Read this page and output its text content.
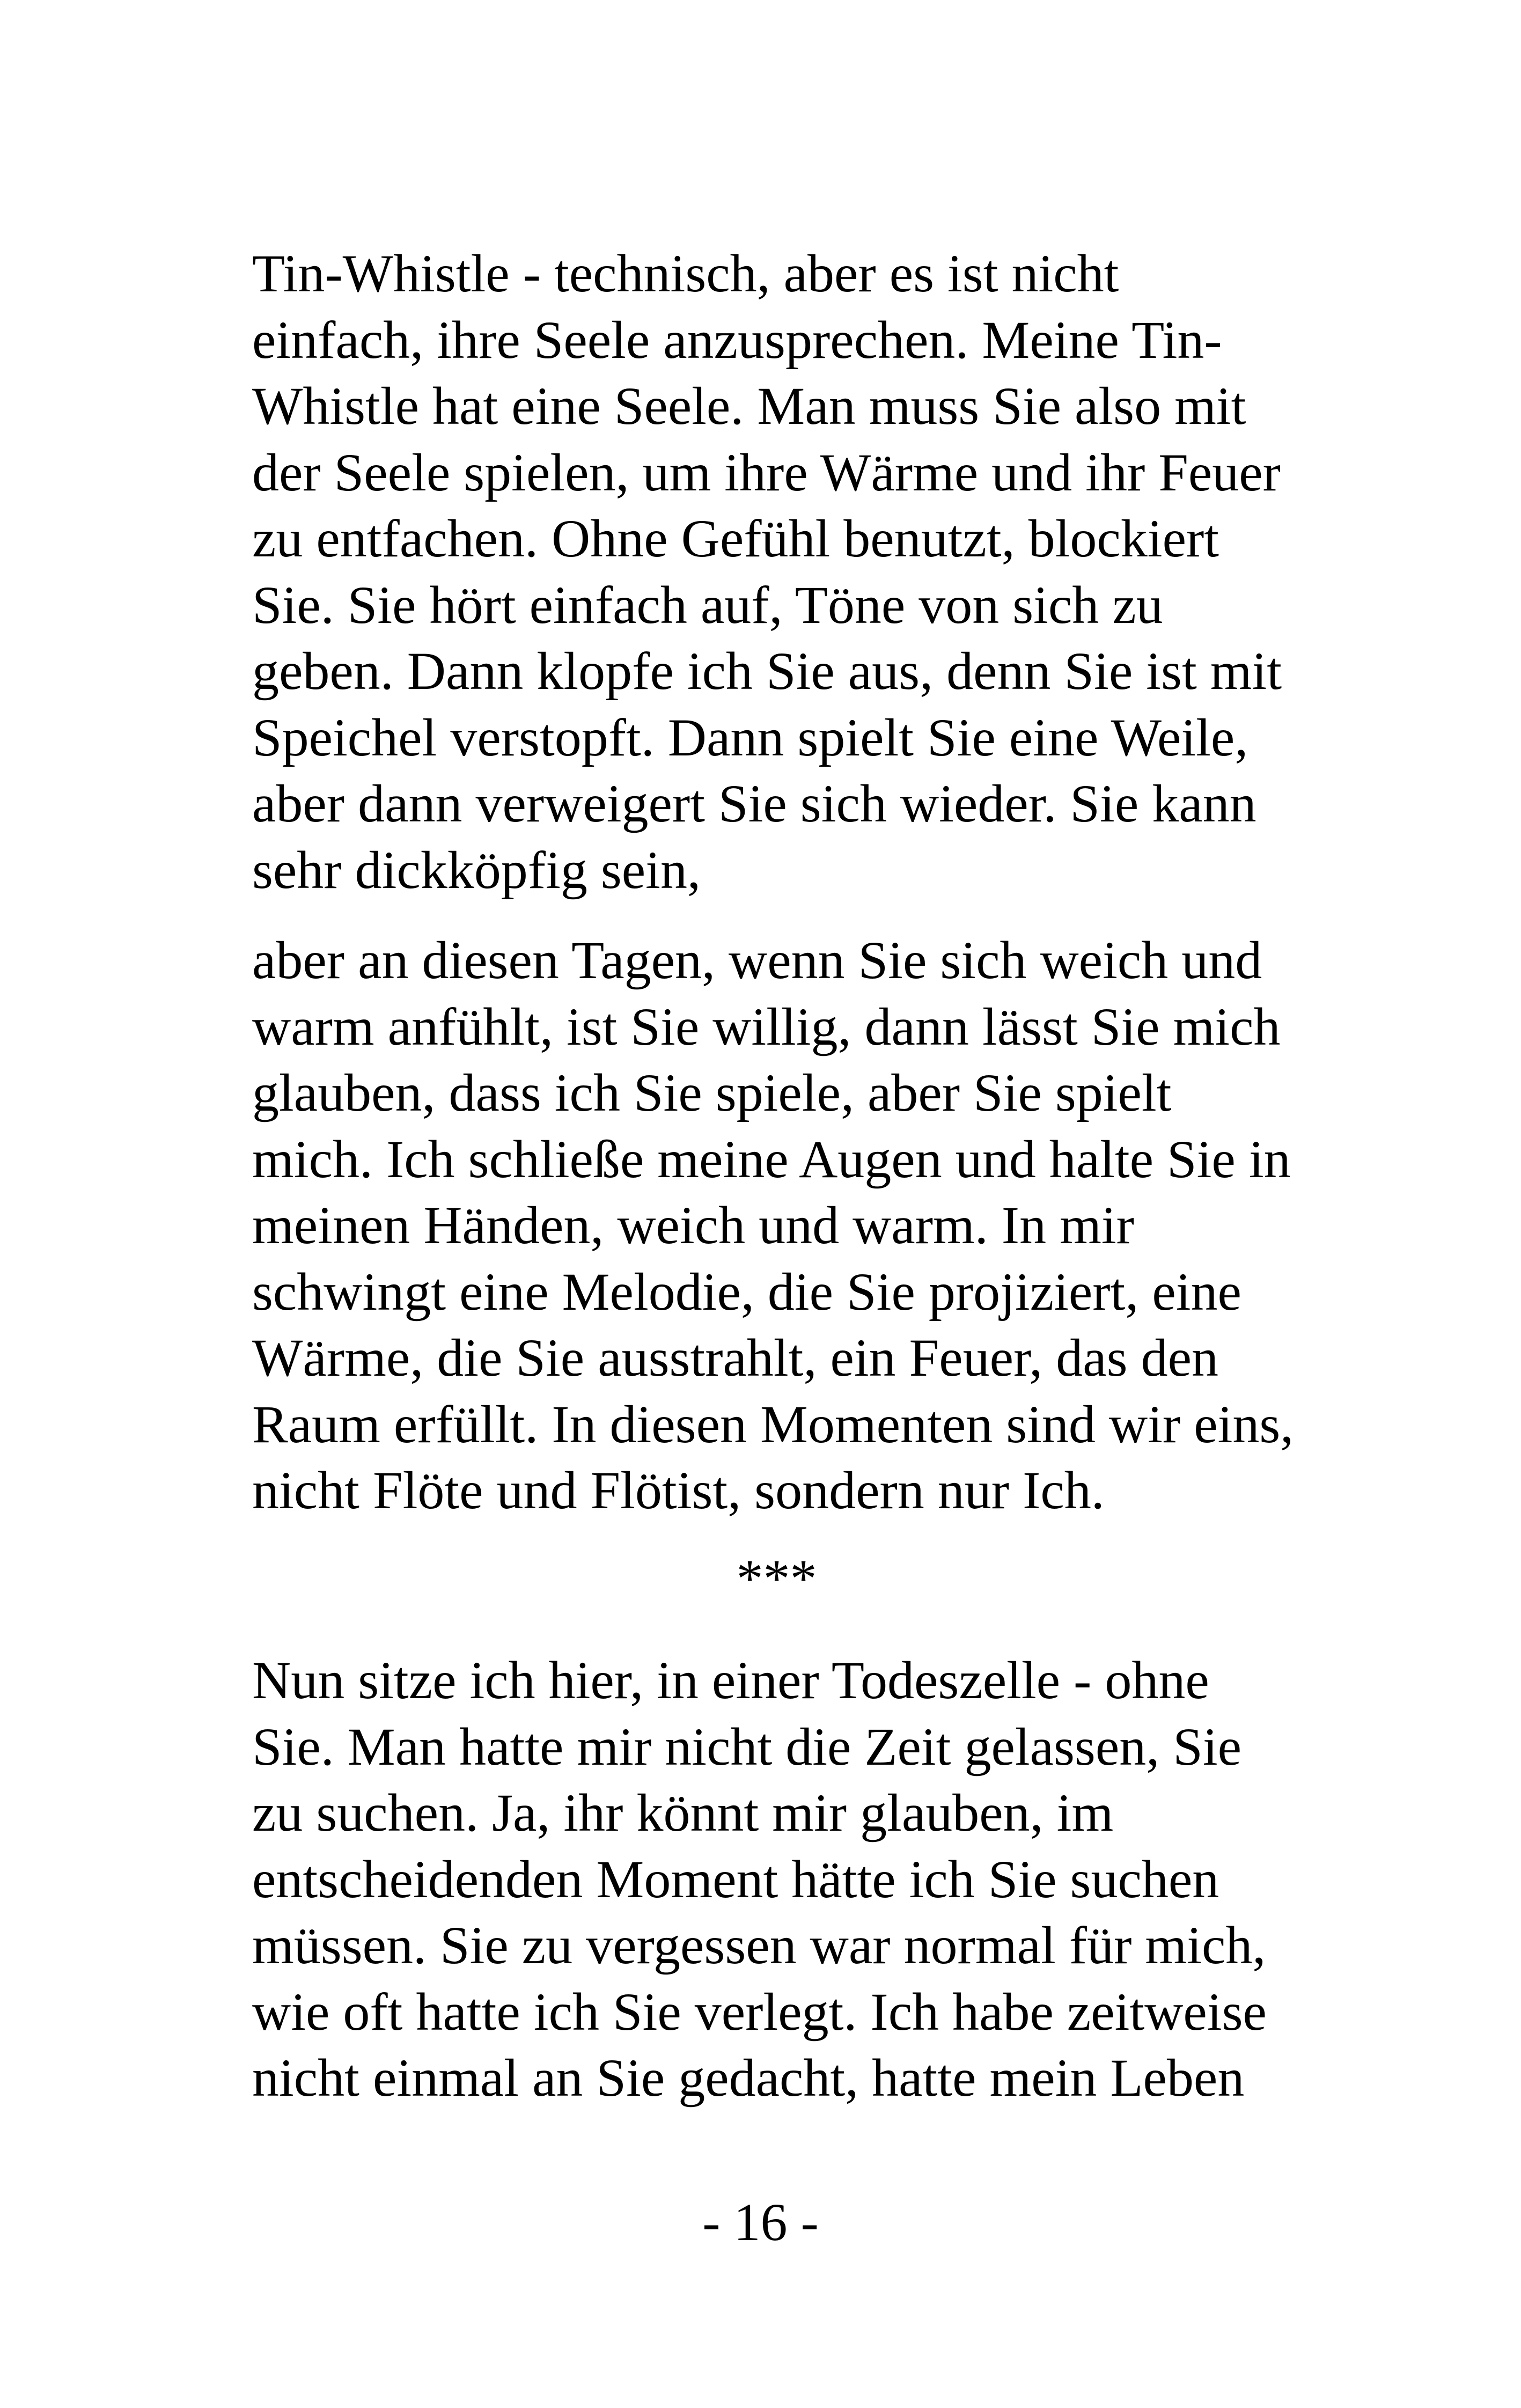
Tin-Whistle - technisch, aber es ist nicht
einfach, ihre Seele anzusprechen. Meine Tin-
Whistle hat eine Seele. Man muss Sie also mit
der Seele spielen, um ihre Wärme und ihr Feuer
zu entfachen. Ohne Gefühl benutzt, blockiert
Sie. Sie hört einfach auf, Töne von sich zu
geben. Dann klopfe ich Sie aus, denn Sie ist mit
Speichel verstopft. Dann spielt Sie eine Weile,
aber dann verweigert Sie sich wieder. Sie kann
sehr dickköpfig sein,
aber an diesen Tagen, wenn Sie sich weich und
warm anfühlt, ist Sie willig, dann lässt Sie mich
glauben, dass ich Sie spiele, aber Sie spielt
mich. Ich schließe meine Augen und halte Sie in
meinen Händen, weich und warm. In mir
schwingt eine Melodie, die Sie projiziert, eine
Wärme, die Sie ausstrahlt, ein Feuer, das den
Raum erfüllt. In diesen Momenten sind wir eins,
nicht Flöte und Flötist, sondern nur Ich.
***
Nun sitze ich hier, in einer Todeszelle - ohne
Sie. Man hatte mir nicht die Zeit gelassen, Sie
zu suchen. Ja, ihr könnt mir glauben, im
entscheidenden Moment hätte ich Sie suchen
müssen. Sie zu vergessen war normal für mich,
wie oft hatte ich Sie verlegt. Ich habe zeitweise
nicht einmal an Sie gedacht, hatte mein Leben
- 16 -
